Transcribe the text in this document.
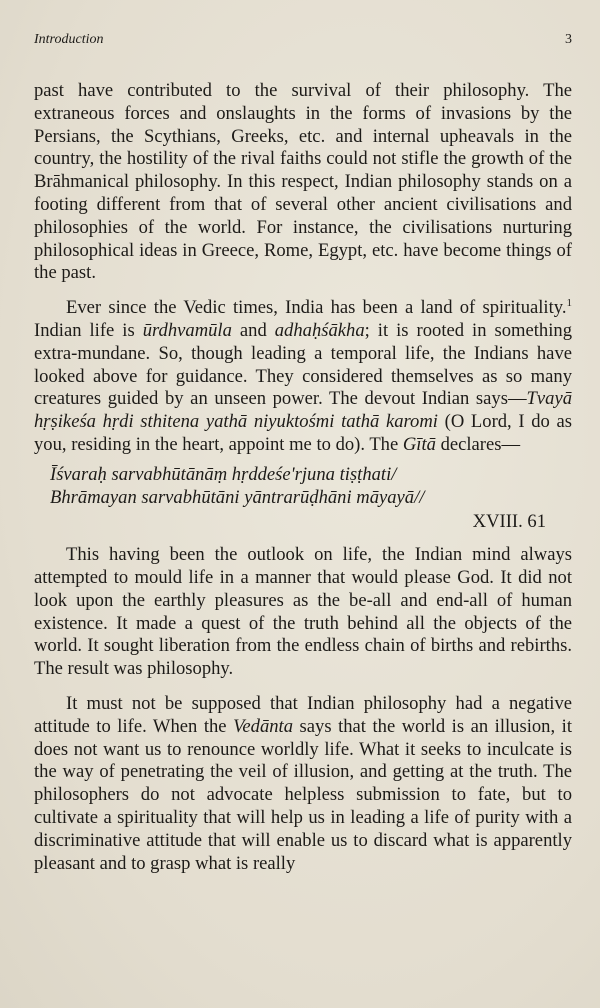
Introduction	3

past have contributed to the survival of their philosophy. The extraneous forces and onslaughts in the forms of invasions by the Persians, the Scythians, Greeks, etc. and internal upheavals in the country, the hostility of the rival faiths could not stifle the growth of the Brāhmanical philosophy. In this respect, Indian philosophy stands on a footing different from that of several other ancient civilisations and philosophies of the world. For instance, the civilisations nurturing philosophical ideas in Greece, Rome, Egypt, etc. have become things of the past.

Ever since the Vedic times, India has been a land of spirituality.$^1$ Indian life is ūrdhvamūla and adhaḥśākha; it is rooted in something extra-mundane. So, though leading a temporal life, the Indians have looked above for guidance. They considered themselves as so many creatures guided by an unseen power. The devout Indian says—Tvayā hṛṣikeśa hṛdi sthitena yathā niyuktośmi tathā karomi (O Lord, I do as you, residing in the heart, appoint me to do). The Gītā declares—

Īśvaraḥ sarvabhūtānāṃ hṛddeśe'rjuna tiṣṭhati/
Bhrāmayan sarvabhūtāni yāntrarūḍhāni māyayā//
XVIII. 61

This having been the outlook on life, the Indian mind always attempted to mould life in a manner that would please God. It did not look upon the earthly pleasures as the be-all and end-all of human existence. It made a quest of the truth behind all the objects of the world. It sought liberation from the endless chain of births and rebirths. The result was philosophy.

It must not be supposed that Indian philosophy had a negative attitude to life. When the Vedānta says that the world is an illusion, it does not want us to renounce worldly life. What it seeks to inculcate is the way of penetrating the veil of illusion, and getting at the truth. The philosophers do not advocate helpless submission to fate, but to cultivate a spirituality that will help us in leading a life of purity with a discriminative attitude that will enable us to discard what is apparently pleasant and to grasp what is really
